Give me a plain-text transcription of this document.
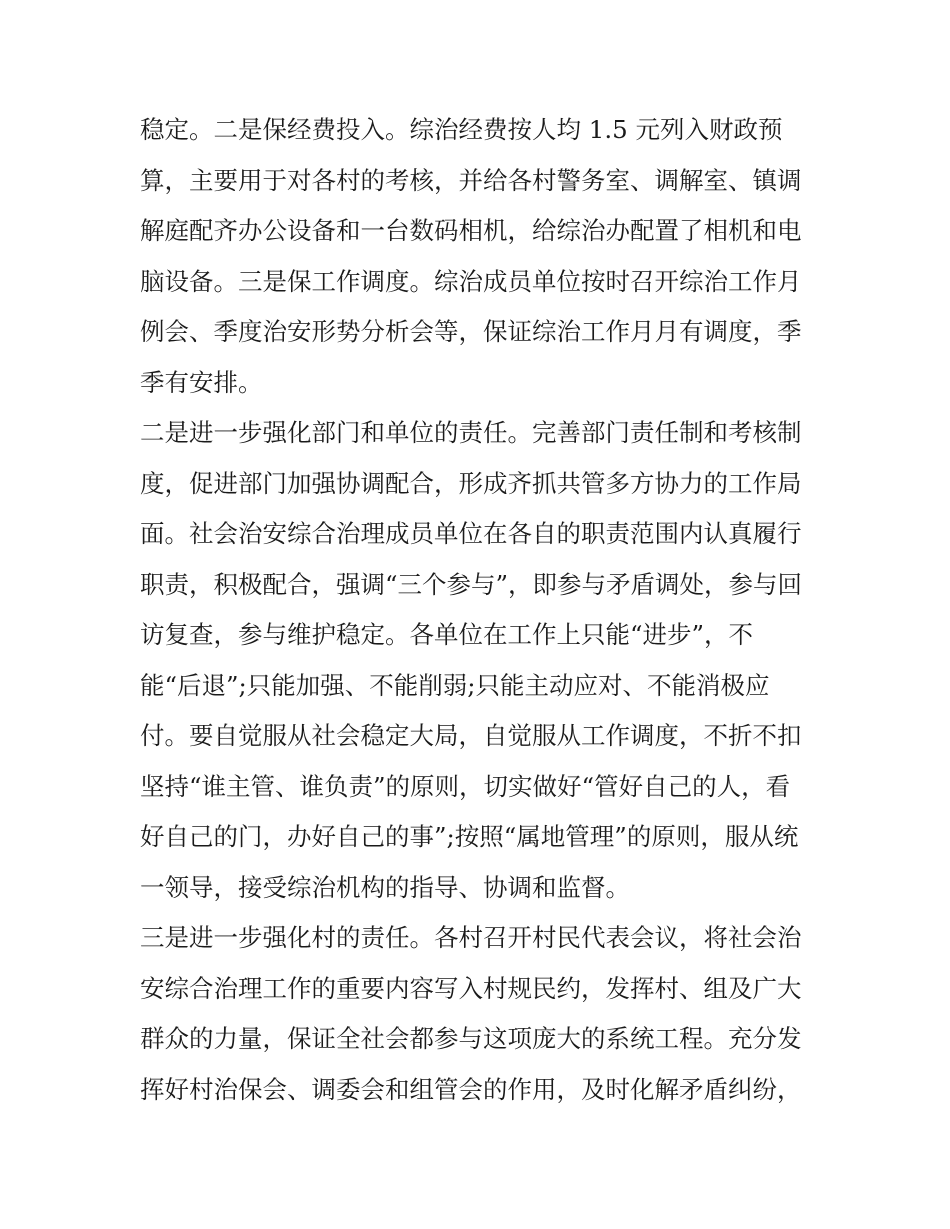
稳定。二是保经费投入。综治经费按人均 1.5 元列入财政预
算，主要用于对各村的考核，并给各村警务室、调解室、镇调
解庭配齐办公设备和一台数码相机，给综治办配置了相机和电
脑设备。三是保工作调度。综治成员单位按时召开综治工作月
例会、季度治安形势分析会等，保证综治工作月月有调度，季
季有安排。
二是进一步强化部门和单位的责任。完善部门责任制和考核制
度，促进部门加强协调配合，形成齐抓共管多方协力的工作局
面。社会治安综合治理成员单位在各自的职责范围内认真履行
职责，积极配合，强调“三个参与”，即参与矛盾调处，参与回
访复查，参与维护稳定。各单位在工作上只能“进步”，不
能“后退”;只能加强、不能削弱;只能主动应对、不能消极应
付。要自觉服从社会稳定大局，自觉服从工作调度，不折不扣
坚持“谁主管、谁负责”的原则，切实做好“管好自己的人，看
好自己的门，办好自己的事”;按照“属地管理”的原则，服从统
一领导，接受综治机构的指导、协调和监督。
三是进一步强化村的责任。各村召开村民代表会议，将社会治
安综合治理工作的重要内容写入村规民约，发挥村、组及广大
群众的力量，保证全社会都参与这项庞大的系统工程。充分发
挥好村治保会、调委会和组管会的作用，及时化解矛盾纠纷，
